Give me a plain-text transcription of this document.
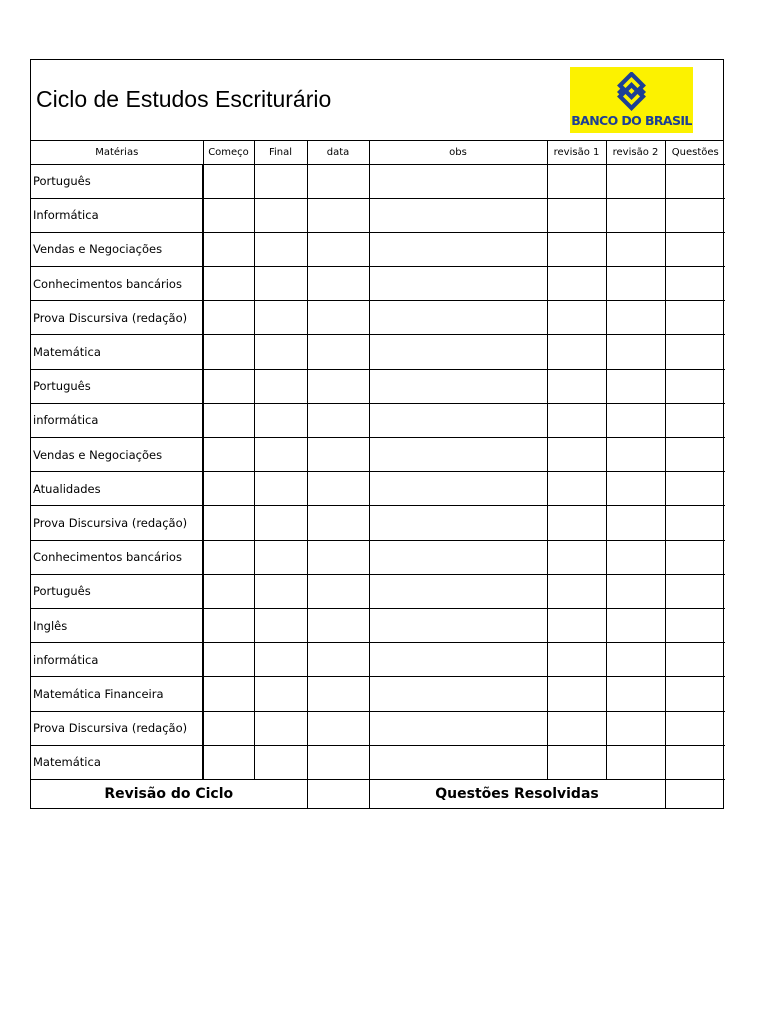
Ciclo de Estudos Escriturário
BANCO DO BRASIL
Matérias	Começo	Final	data	obs	revisão 1	revisão 2	Questões
Português							
Informática							
Vendas e Negociações							
Conhecimentos bancários							
Prova Discursiva (redação)							
Matemática							
Português							
informática							
Vendas e Negociações							
Atualidades							
Prova Discursiva (redação)							
Conhecimentos bancários							
Português							
Inglês							
informática							
Matemática Financeira							
Prova Discursiva (redação)							
Matemática							
Revisão do Ciclo				Questões Resolvidas			
